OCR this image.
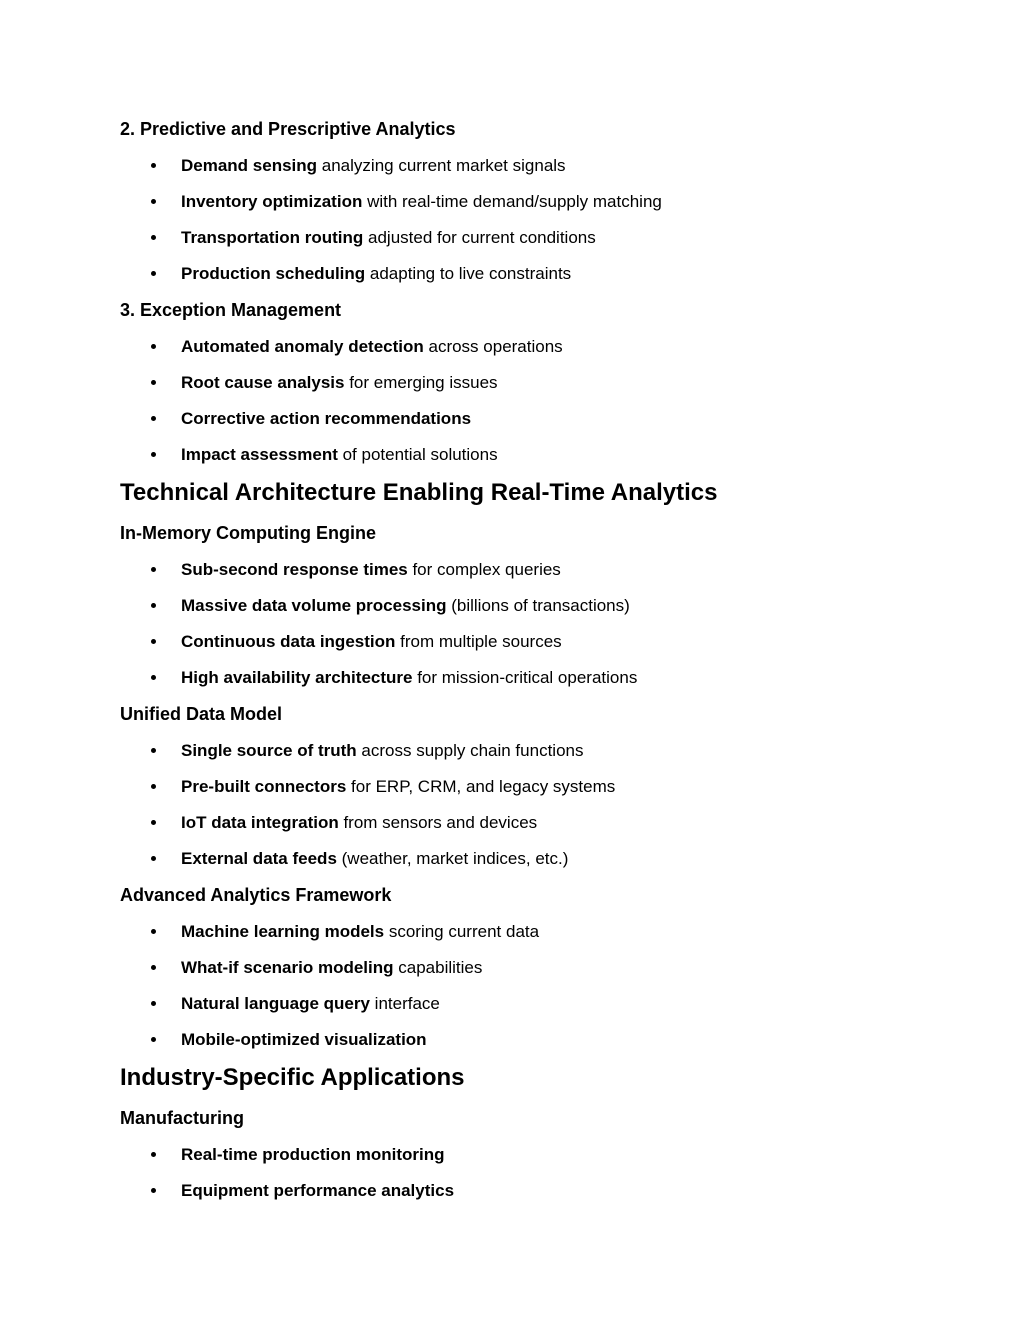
2. Predictive and Prescriptive Analytics
Demand sensing analyzing current market signals
Inventory optimization with real-time demand/supply matching
Transportation routing adjusted for current conditions
Production scheduling adapting to live constraints
3. Exception Management
Automated anomaly detection across operations
Root cause analysis for emerging issues
Corrective action recommendations
Impact assessment of potential solutions
Technical Architecture Enabling Real-Time Analytics
In-Memory Computing Engine
Sub-second response times for complex queries
Massive data volume processing (billions of transactions)
Continuous data ingestion from multiple sources
High availability architecture for mission-critical operations
Unified Data Model
Single source of truth across supply chain functions
Pre-built connectors for ERP, CRM, and legacy systems
IoT data integration from sensors and devices
External data feeds (weather, market indices, etc.)
Advanced Analytics Framework
Machine learning models scoring current data
What-if scenario modeling capabilities
Natural language query interface
Mobile-optimized visualization
Industry-Specific Applications
Manufacturing
Real-time production monitoring
Equipment performance analytics
